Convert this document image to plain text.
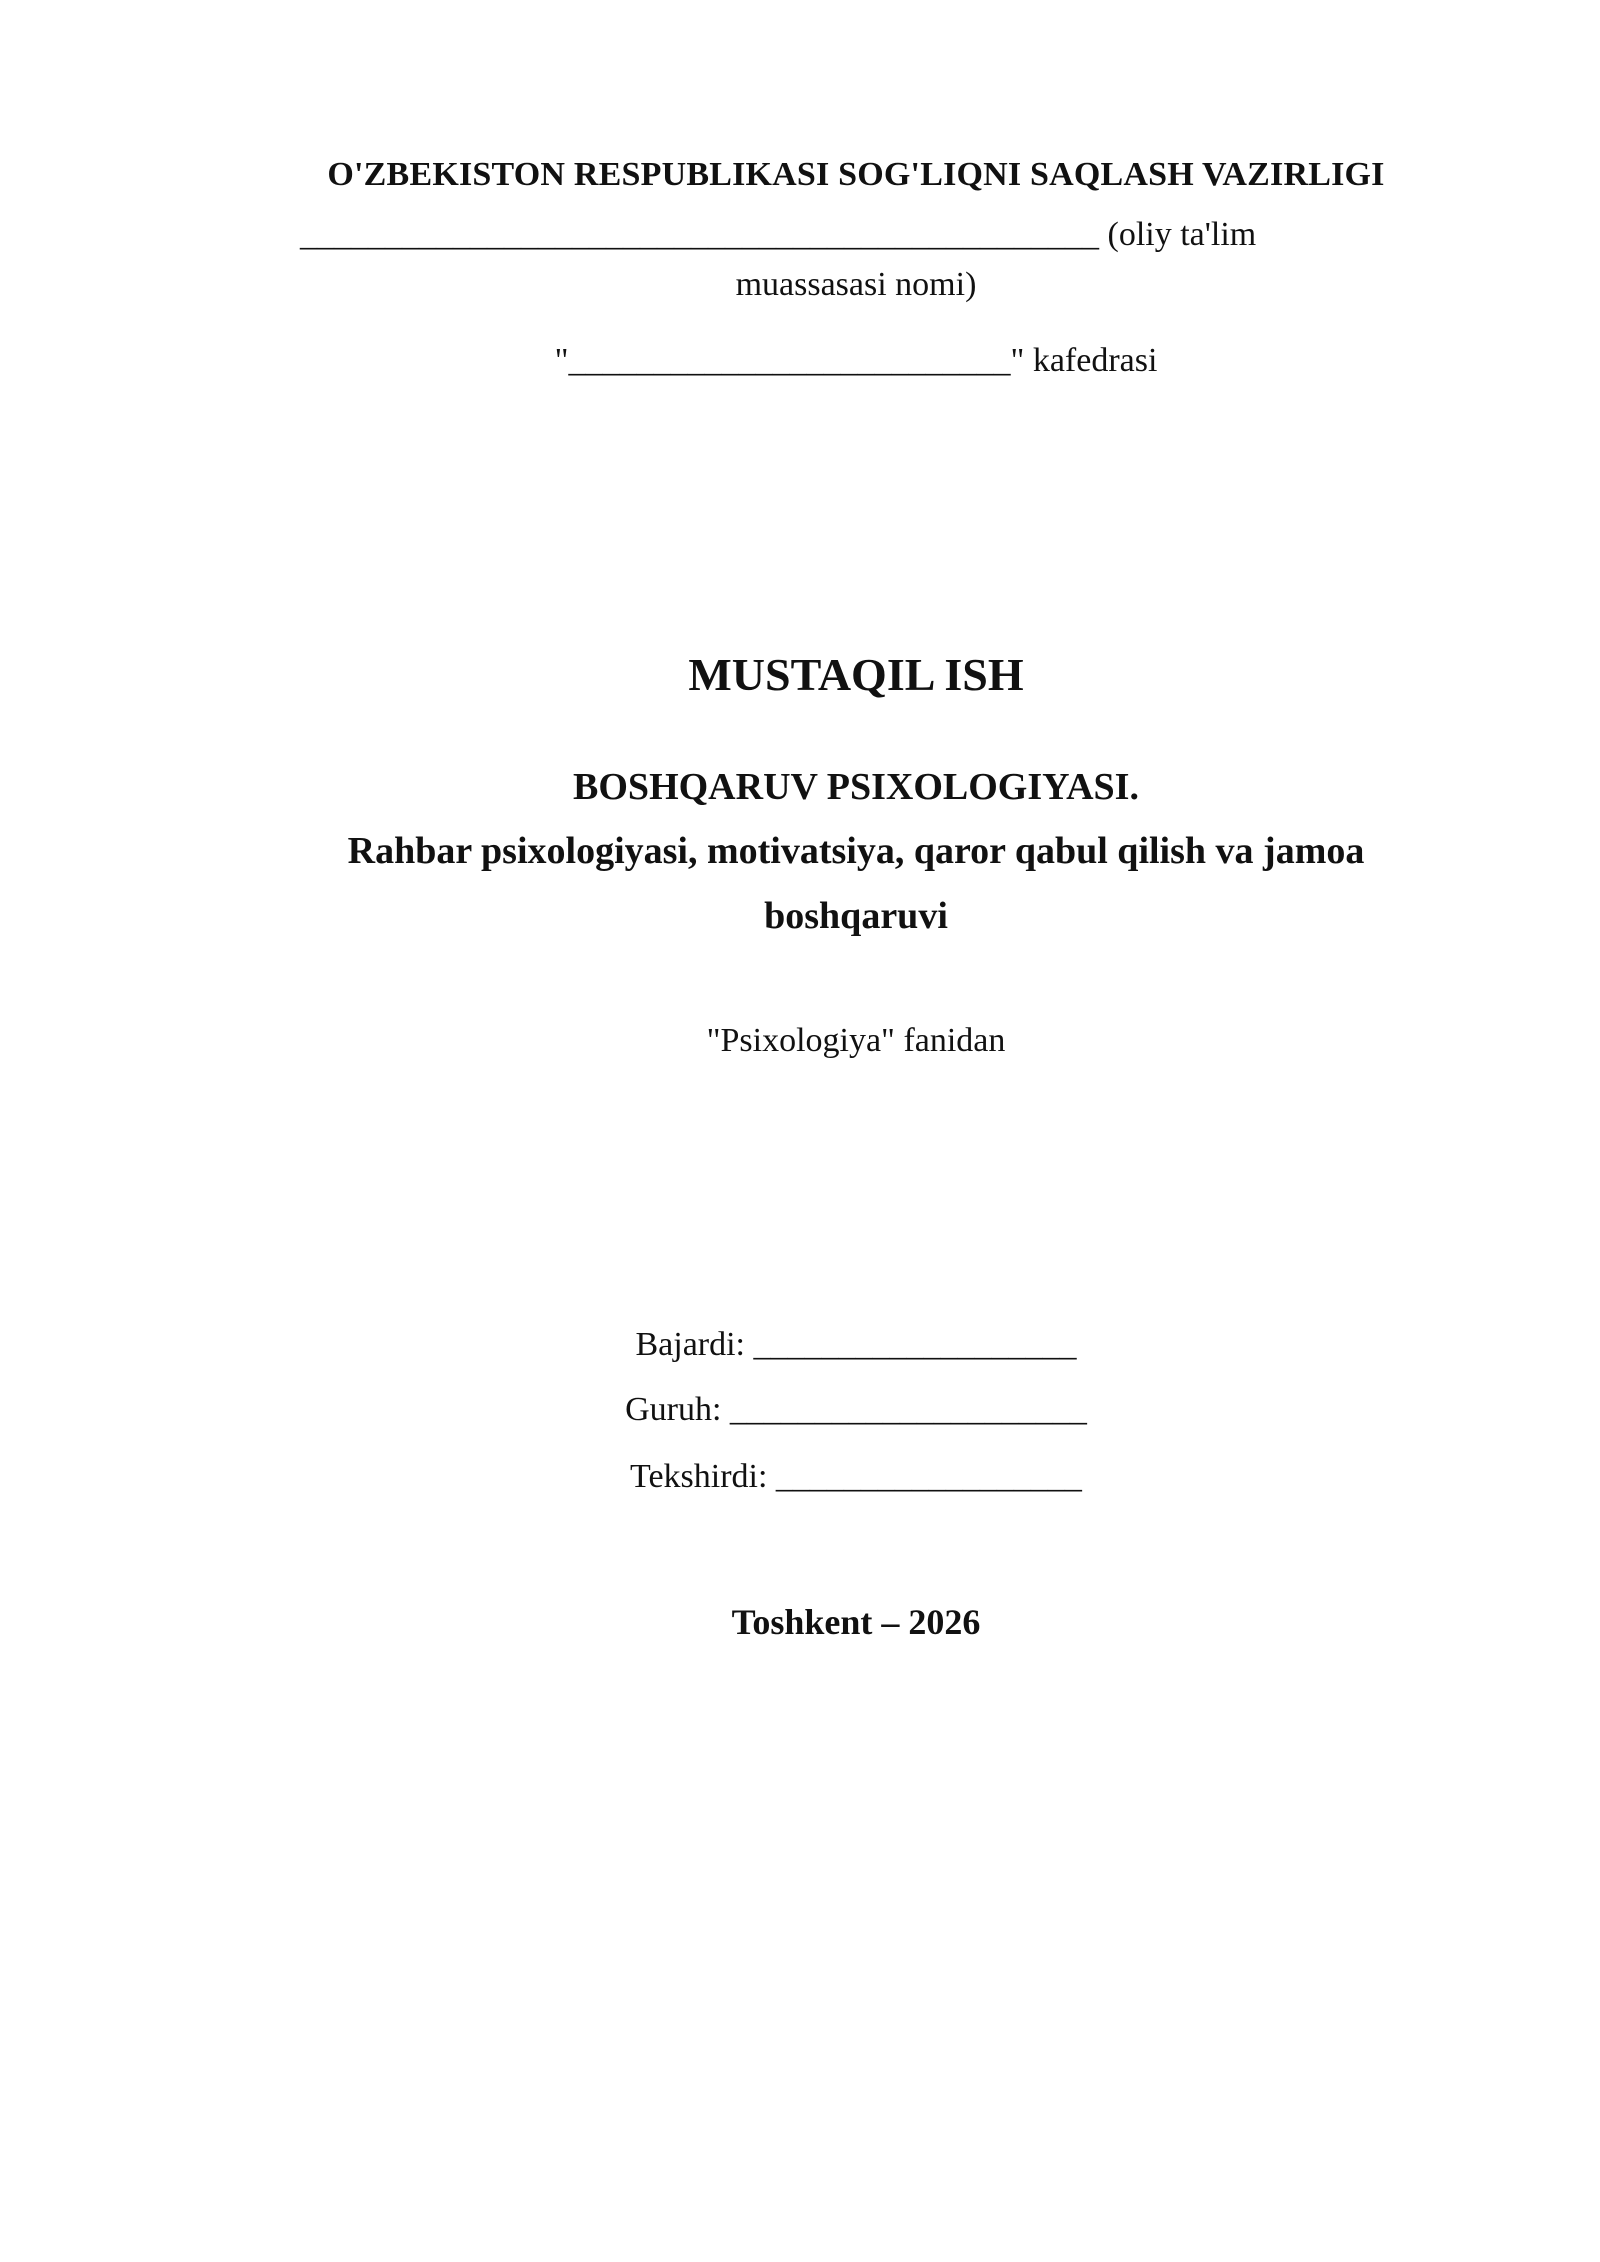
O'ZBEKISTON RESPUBLIKASI SOG'LIQNI SAQLASH VAZIRLIGI
_______________________________________________ (oliy ta'lim
muassasasi nomi)
"__________________________" kafedrasi
MUSTAQIL ISH
BOSHQARUV PSIXOLOGIYASI.
Rahbar psixologiyasi, motivatsiya, qaror qabul qilish va jamoa
boshqaruvi
"Psixologiya" fanidan
Bajardi: ___________________
Guruh: _____________________
Tekshirdi: __________________
Toshkent – 2026
